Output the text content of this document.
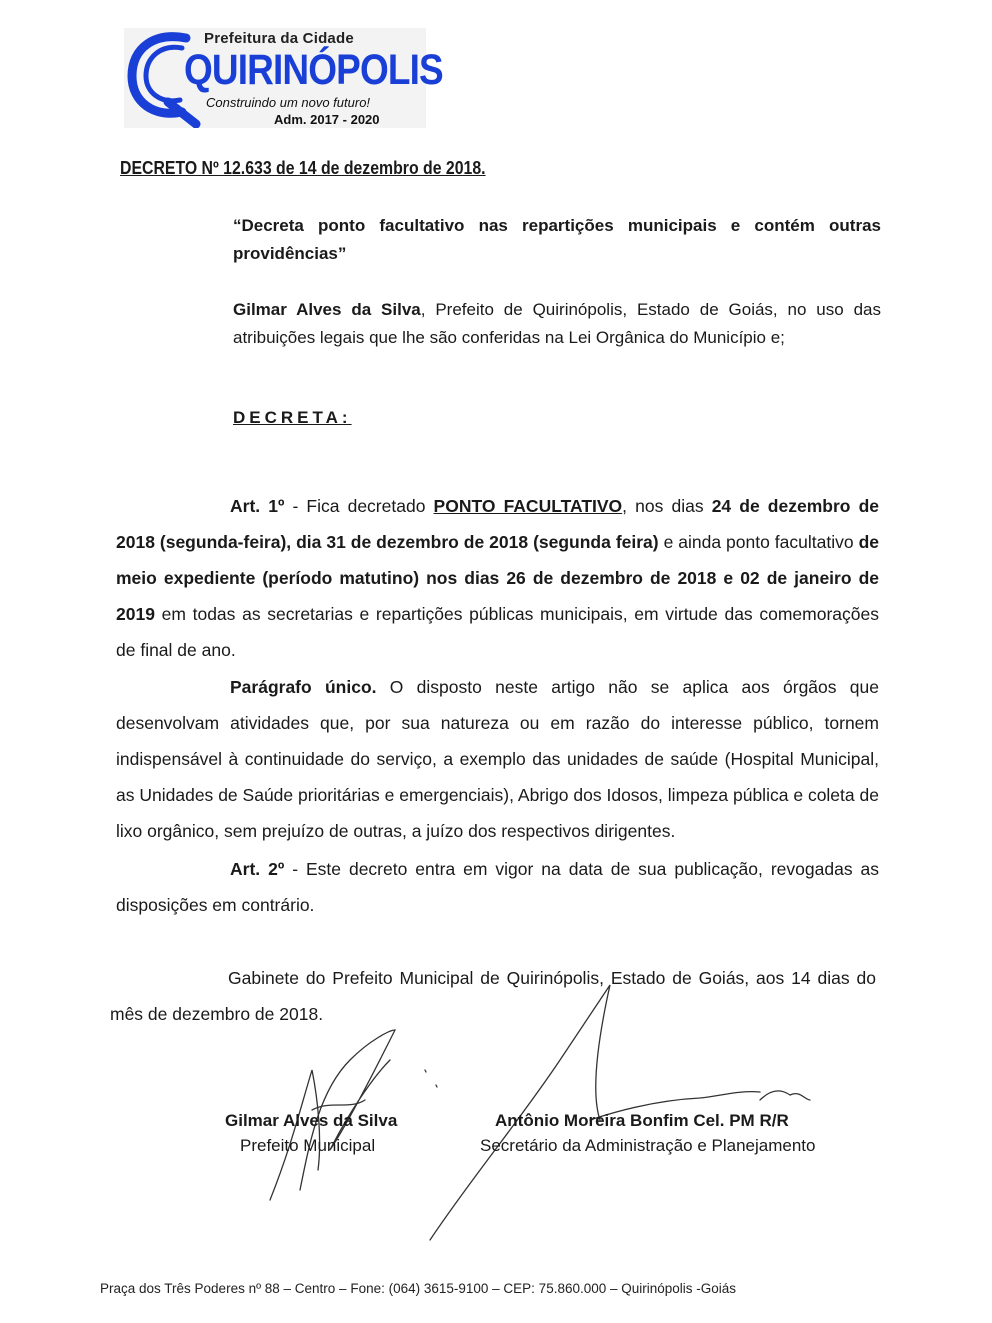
Prefeitura da Cidade
QUIRINÓPOLIS
Construindo um novo futuro!
Adm. 2017 - 2020
DECRETO Nº 12.633 de 14 de dezembro de 2018.
“Decreta ponto facultativo nas repartições municipais e contém outras providências”
Gilmar Alves da Silva, Prefeito de Quirinópolis, Estado de Goiás, no uso das atribuições legais que lhe são conferidas na Lei Orgânica do Município e;
DECRETA:
Art. 1º - Fica decretado PONTO FACULTATIVO, nos dias 24 de dezembro de 2018 (segunda-feira), dia 31 de dezembro de 2018 (segunda feira) e ainda ponto facultativo de meio expediente (período matutino) nos dias 26 de dezembro de 2018 e 02 de janeiro de 2019 em todas as secretarias e repartições públicas municipais, em virtude das comemorações de final de ano.
Parágrafo único. O disposto neste artigo não se aplica aos órgãos que desenvolvam atividades que, por sua natureza ou em razão do interesse público, tornem indispensável à continuidade do serviço, a exemplo das unidades de saúde (Hospital Municipal, as Unidades de Saúde prioritárias e emergenciais), Abrigo dos Idosos, limpeza pública e coleta de lixo orgânico, sem prejuízo de outras, a juízo dos respectivos dirigentes.
Art. 2º - Este decreto entra em vigor na data de sua publicação, revogadas as disposições em contrário.
Gabinete do Prefeito Municipal de Quirinópolis, Estado de Goiás, aos 14 dias do mês de dezembro de 2018.
Gilmar Alves da Silva
Prefeito Municipal
Antônio Moreira Bonfim Cel. PM R/R
Secretário da Administração e Planejamento
Praça dos Três Poderes nº 88 – Centro – Fone: (064) 3615-9100 – CEP: 75.860.000 – Quirinópolis -Goiás
